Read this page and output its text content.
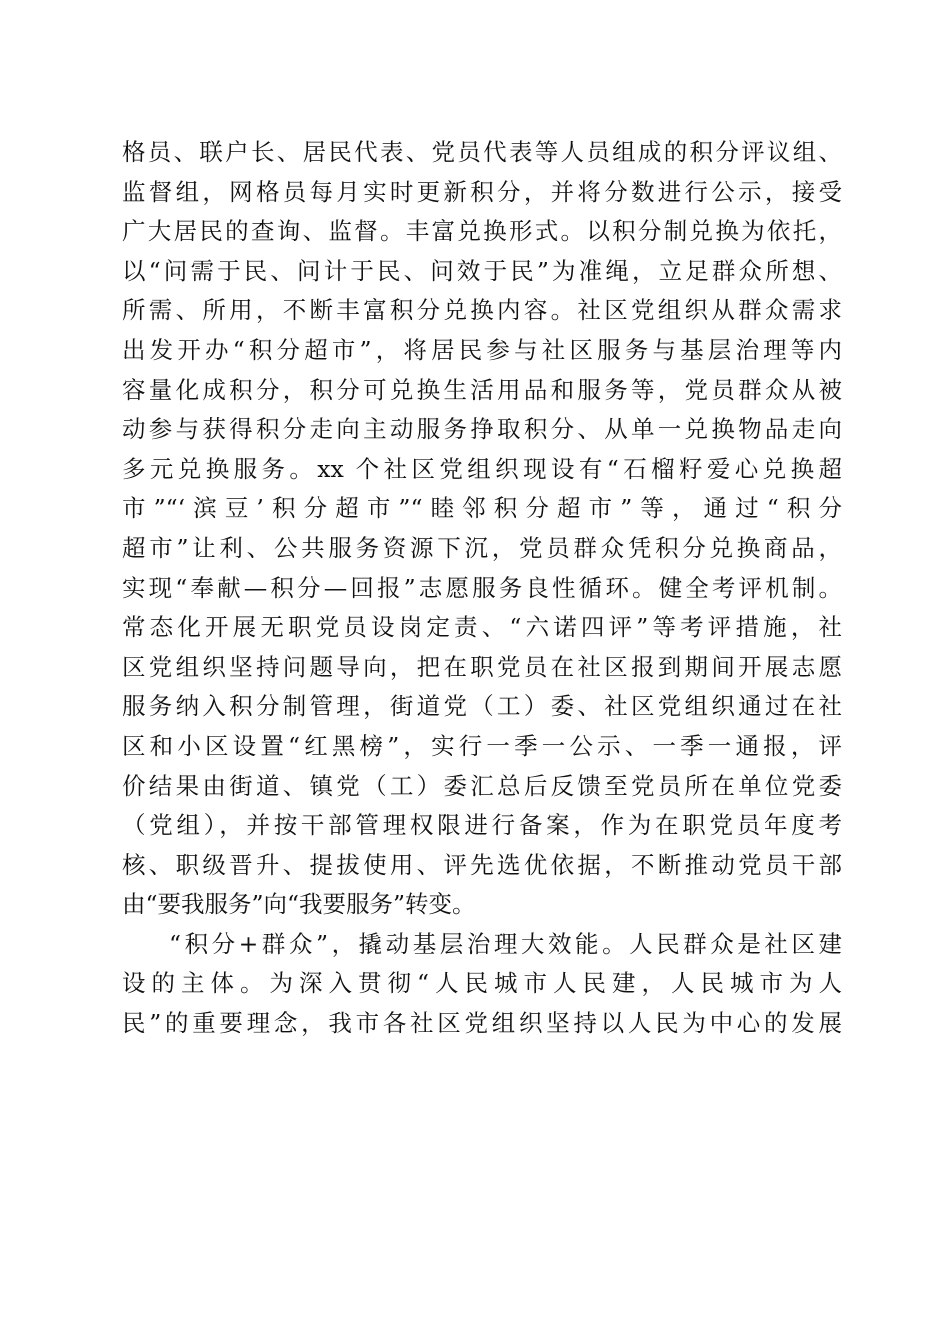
格员、联户长、居民代表、党员代表等人员组成的积分评议组、
监督组，网格员每月实时更新积分，并将分数进行公示，接受
广大居民的查询、监督。丰富兑换形式。以积分制兑换为依托，
以“问需于民、问计于民、问效于民”为准绳，立足群众所想、
所需、所用，不断丰富积分兑换内容。社区党组织从群众需求
出发开办“积分超市”，将居民参与社区服务与基层治理等内
容量化成积分，积分可兑换生活用品和服务等，党员群众从被
动参与获得积分走向主动服务挣取积分、从单一兑换物品走向
多元兑换服务。xx 个社区党组织现设有“石榴籽爱心兑换超
市”“‘滨豆’积分超市”“睦邻积分超市”等，通过“积分
超市”让利、公共服务资源下沉，党员群众凭积分兑换商品，
实现“奉献—积分—回报”志愿服务良性循环。健全考评机制。
常态化开展无职党员设岗定责、“六诺四评”等考评措施，社
区党组织坚持问题导向，把在职党员在社区报到期间开展志愿
服务纳入积分制管理，街道党（工）委、社区党组织通过在社
区和小区设置“红黑榜”，实行一季一公示、一季一通报，评
价结果由街道、镇党（工）委汇总后反馈至党员所在单位党委
（党组），并按干部管理权限进行备案，作为在职党员年度考
核、职级晋升、提拔使用、评先选优依据，不断推动党员干部
由“要我服务”向“我要服务”转变。
“积分+群众”，撬动基层治理大效能。人民群众是社区建
设的主体。为深入贯彻“人民城市人民建，人民城市为人
民”的重要理念，我市各社区党组织坚持以人民为中心的发展
